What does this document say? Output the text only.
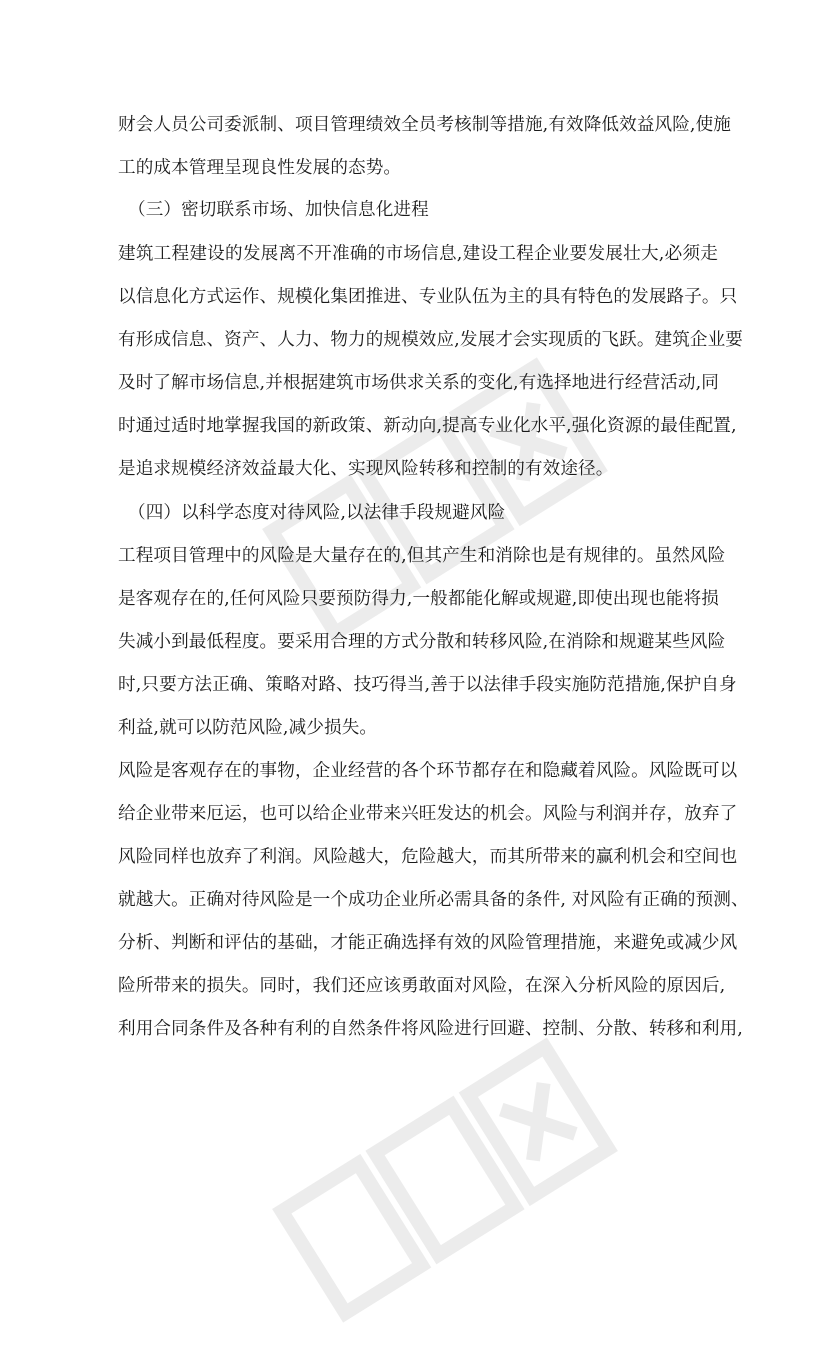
财会人员公司委派制、项目管理绩效全员考核制等措施,有效降低效益风险,使施
工的成本管理呈现良性发展的态势。
（三）密切联系市场、加快信息化进程
建筑工程建设的发展离不开准确的市场信息,建设工程企业要发展壮大,必须走
以信息化方式运作、规模化集团推进、专业队伍为主的具有特色的发展路子。只
有形成信息、资产、人力、物力的规模效应,发展才会实现质的飞跃。建筑企业要
及时了解市场信息,并根据建筑市场供求关系的变化,有选择地进行经营活动,同
时通过适时地掌握我国的新政策、新动向,提高专业化水平,强化资源的最佳配置,
是追求规模经济效益最大化、实现风险转移和控制的有效途径。
（四）以科学态度对待风险,以法律手段规避风险
工程项目管理中的风险是大量存在的,但其产生和消除也是有规律的。虽然风险
是客观存在的,任何风险只要预防得力,一般都能化解或规避,即使出现也能将损
失减小到最低程度。要采用合理的方式分散和转移风险,在消除和规避某些风险
时,只要方法正确、策略对路、技巧得当,善于以法律手段实施防范措施,保护自身
利益,就可以防范风险,减少损失。
风险是客观存在的事物，企业经营的各个环节都存在和隐藏着风险。风险既可以
给企业带来厄运，也可以给企业带来兴旺发达的机会。风险与利润并存，放弃了
风险同样也放弃了利润。风险越大，危险越大，而其所带来的赢利机会和空间也
就越大。正确对待风险是一个成功企业所必需具备的条件, 对风险有正确的预测、
分析、判断和评估的基础，才能正确选择有效的风险管理措施，来避免或减少风
险所带来的损失。同时，我们还应该勇敢面对风险，在深入分析风险的原因后,
利用合同条件及各种有利的自然条件将风险进行回避、控制、分散、转移和利用,
